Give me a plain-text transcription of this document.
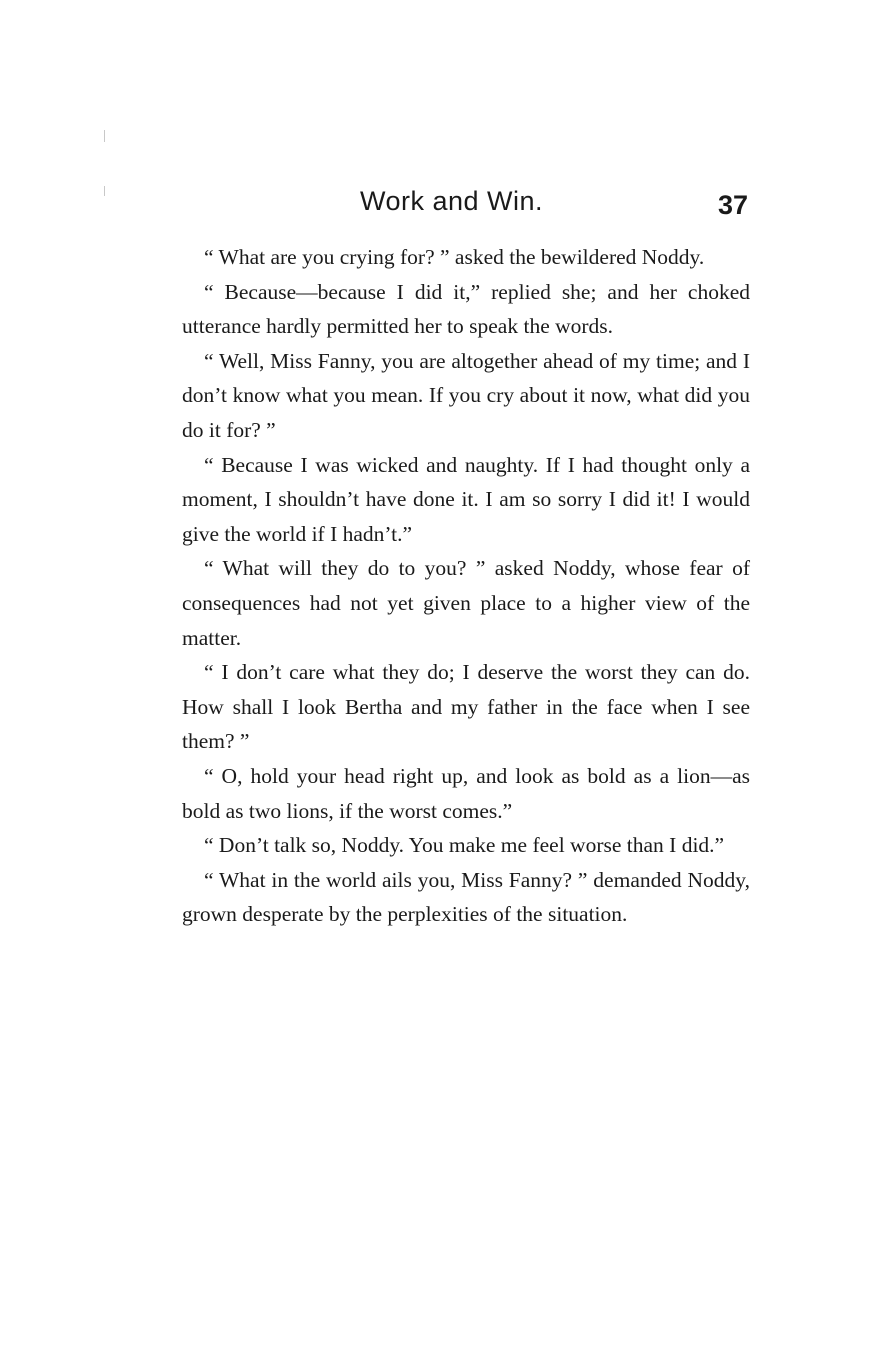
Work and Win.	37

“ What are you crying for? ” asked the bewildered Noddy.

“ Because—because I did it,” replied she; and her choked utterance hardly permitted her to speak the words.

“ Well, Miss Fanny, you are altogether ahead of my time; and I don’t know what you mean. If you cry about it now, what did you do it for? ”

“ Because I was wicked and naughty. If I had thought only a moment, I shouldn’t have done it. I am so sorry I did it! I would give the world if I hadn’t.”

“ What will they do to you? ” asked Noddy, whose fear of consequences had not yet given place to a higher view of the matter.

“ I don’t care what they do; I deserve the worst they can do. How shall I look Bertha and my father in the face when I see them? ”

“ O, hold your head right up, and look as bold as a lion—as bold as two lions, if the worst comes.”

“ Don’t talk so, Noddy. You make me feel worse than I did.”

“ What in the world ails you, Miss Fanny? ” demanded Noddy, grown desperate by the perplexities of the situation.
